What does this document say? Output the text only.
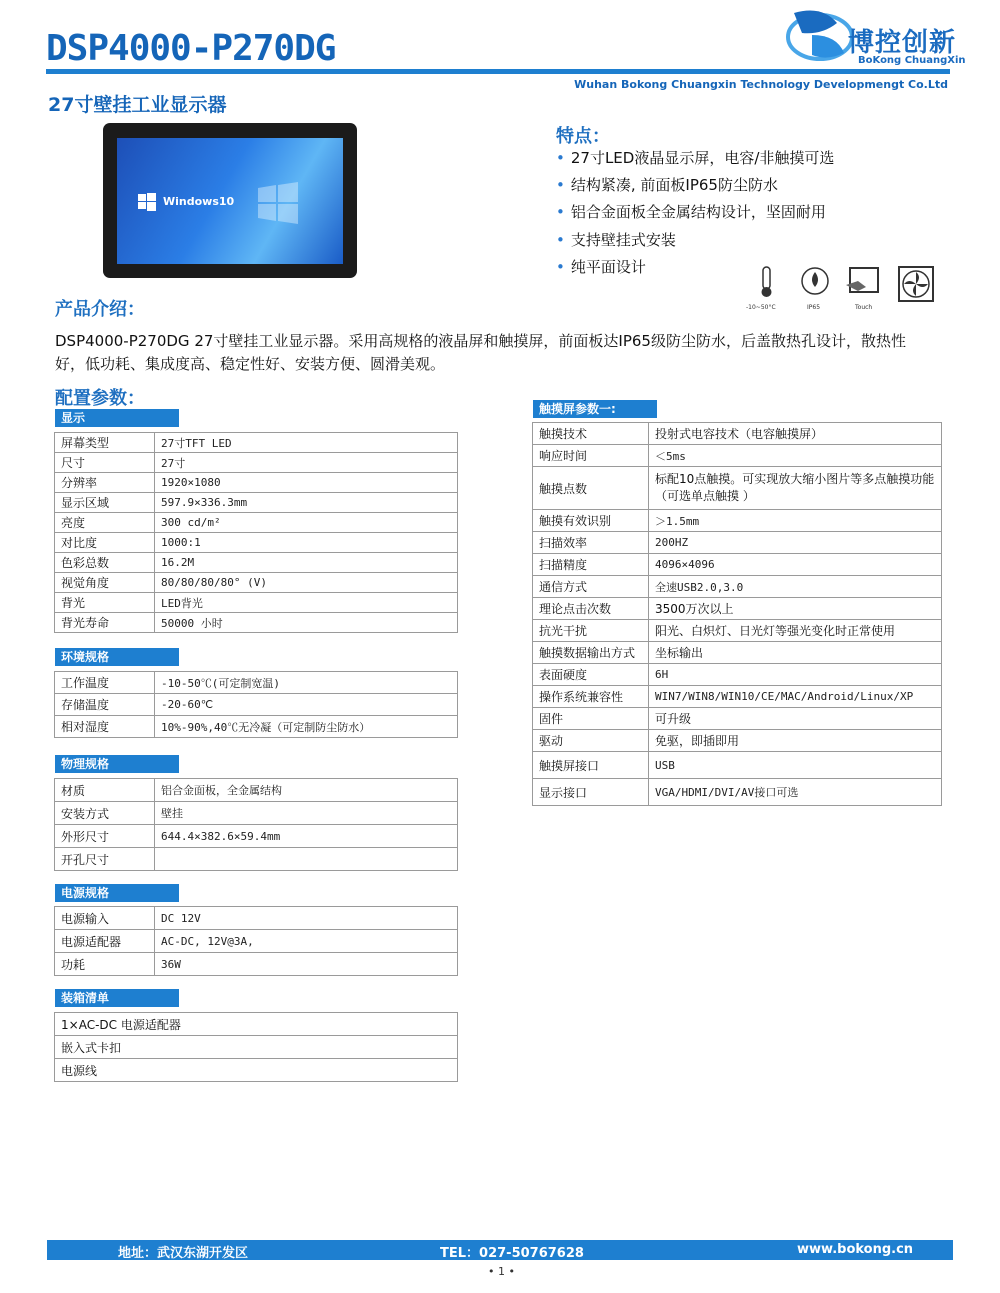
DSP4000-P270DG	博控创新
BoKong ChuangXin
Wuhan Bokong Chuangxin Technology Developmengt Co.Ltd
27寸壁挂工业显示器
Windows10
特点：
• 27寸LED液晶显示屏，电容/非触摸可选
• 结构紧凑, 前面板IP65防尘防水
• 铝合金面板全金属结构设计，坚固耐用
• 支持壁挂式安装
• 纯平面设计
-10~50°C	IP65	Touch
产品介绍：
DSP4000-P270DG 27寸壁挂工业显示器。采用高规格的液晶屏和触摸屏，前面板达IP65级防尘防水，后盖散热孔设计，散热性好，低功耗、集成度高、稳定性好、安装方便、圆滑美观。
配置参数：
显示
屏幕类型	27寸TFT LED
尺寸	27寸
分辨率	1920×1080
显示区域	597.9×336.3mm
亮度	300 cd/m²
对比度	1000:1
色彩总数	16.2M
视觉角度	80/80/80/80° (V)
背光	LED背光
背光寿命	50000 小时
环境规格
工作温度	-10-50℃(可定制宽温)
存储温度	-20-60℃
相对湿度	10%-90%,40℃无冷凝（可定制防尘防水）
物理规格
材质	铝合金面板，全金属结构
安装方式	壁挂
外形尺寸	644.4×382.6×59.4mm
开孔尺寸	
电源规格
电源输入	DC 12V
电源适配器	AC-DC, 12V@3A,
功耗	36W
装箱清单
1×AC-DC 电源适配器
嵌入式卡扣
电源线
触摸屏参数一:
触摸技术	投射式电容技术（电容触摸屏）
响应时间	＜5ms
触摸点数	标配10点触摸。可实现放大缩小图片等多点触摸功能（可选单点触摸 ）
触摸有效识别	＞1.5mm
扫描效率	200HZ
扫描精度	4096×4096
通信方式	全速USB2.0,3.0
理论点击次数	3500万次以上
抗光干扰	阳光、白炽灯、日光灯等强光变化时正常使用
触摸数据输出方式	坐标输出
表面硬度	6H
操作系统兼容性	WIN7/WIN8/WIN10/CE/MAC/Android/Linux/XP
固件	可升级
驱动	免驱，即插即用
触摸屏接口	USB
显示接口	VGA/HDMI/DVI/AV接口可选
地址：武汉东湖开发区	TEL：027-50767628	www.bokong.cn
• 1 •
